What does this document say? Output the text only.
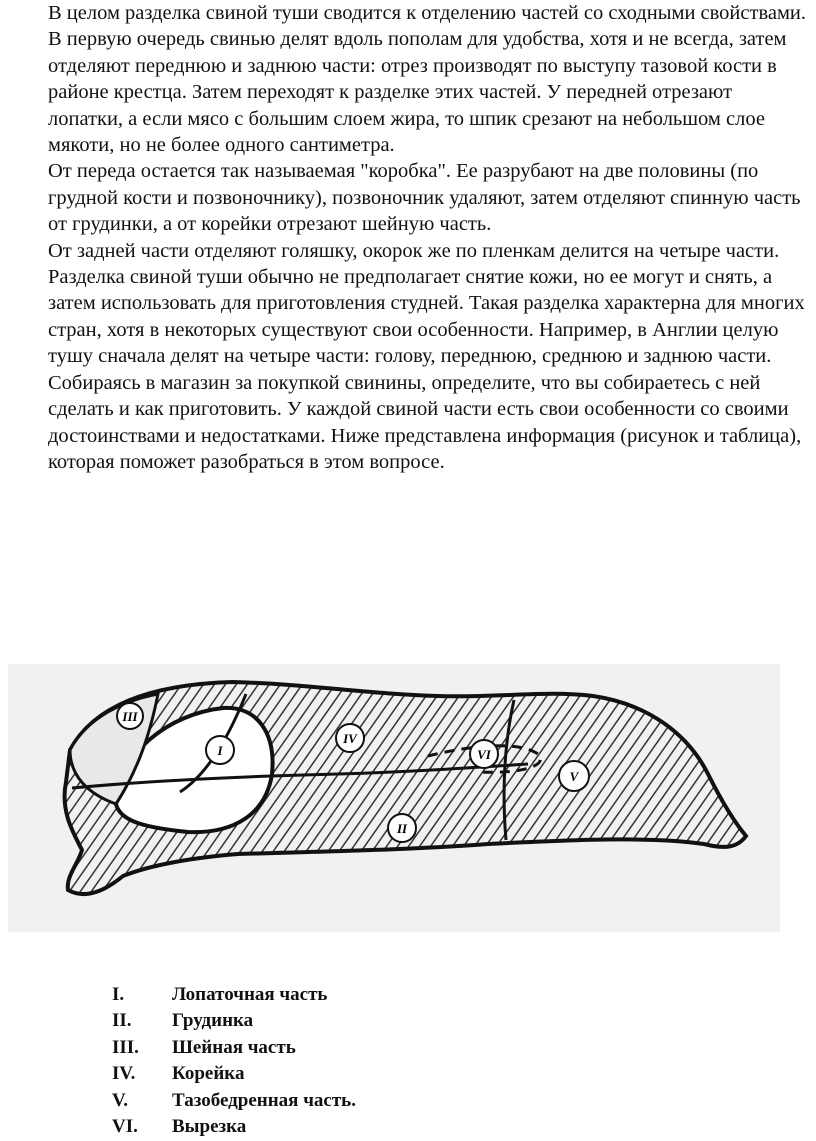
В целом разделка свиной туши сводится к отделению частей со сходными свойствами.

В первую очередь свинью делят вдоль пополам для удобства, хотя и не всегда, затем отделяют переднюю и заднюю части: отрез производят по выступу тазовой кости в районе крестца. Затем переходят к разделке этих частей. У передней отрезают лопатки, а если мясо с большим слоем жира, то шпик срезают на небольшом слое мякоти, но не более одного сантиметра.

От переда остается так называемая "коробка". Ее разрубают на две половины (по грудной кости и позвоночнику), позвоночник удаляют, затем отделяют спинную часть от грудинки, а от корейки отрезают шейную часть.

От задней части отделяют голяшку, окорок же по пленкам делится на четыре части. Разделка свиной туши обычно не предполагает снятие кожи, но ее могут и снять, а затем использовать для приготовления студней. Такая разделка характерна для многих стран, хотя в некоторых существуют свои особенности. Например, в Англии целую тушу сначала делят на четыре части: голову, переднюю, среднюю и заднюю части.

Собираясь в магазин за покупкой свинины, определите, что вы собираетесь с ней сделать и как приготовить. У каждой свиной части есть свои особенности со своими достоинствами и недостатками. Ниже представлена информация (рисунок и таблица), которая поможет разобраться в этом вопросе.

III
I
IV
VI
V
II
I.	Лопаточная часть
II.	Грудинка
III.	Шейная часть
IV.	Корейка
V.	Тазобедренная часть.
VI.	Вырезка
